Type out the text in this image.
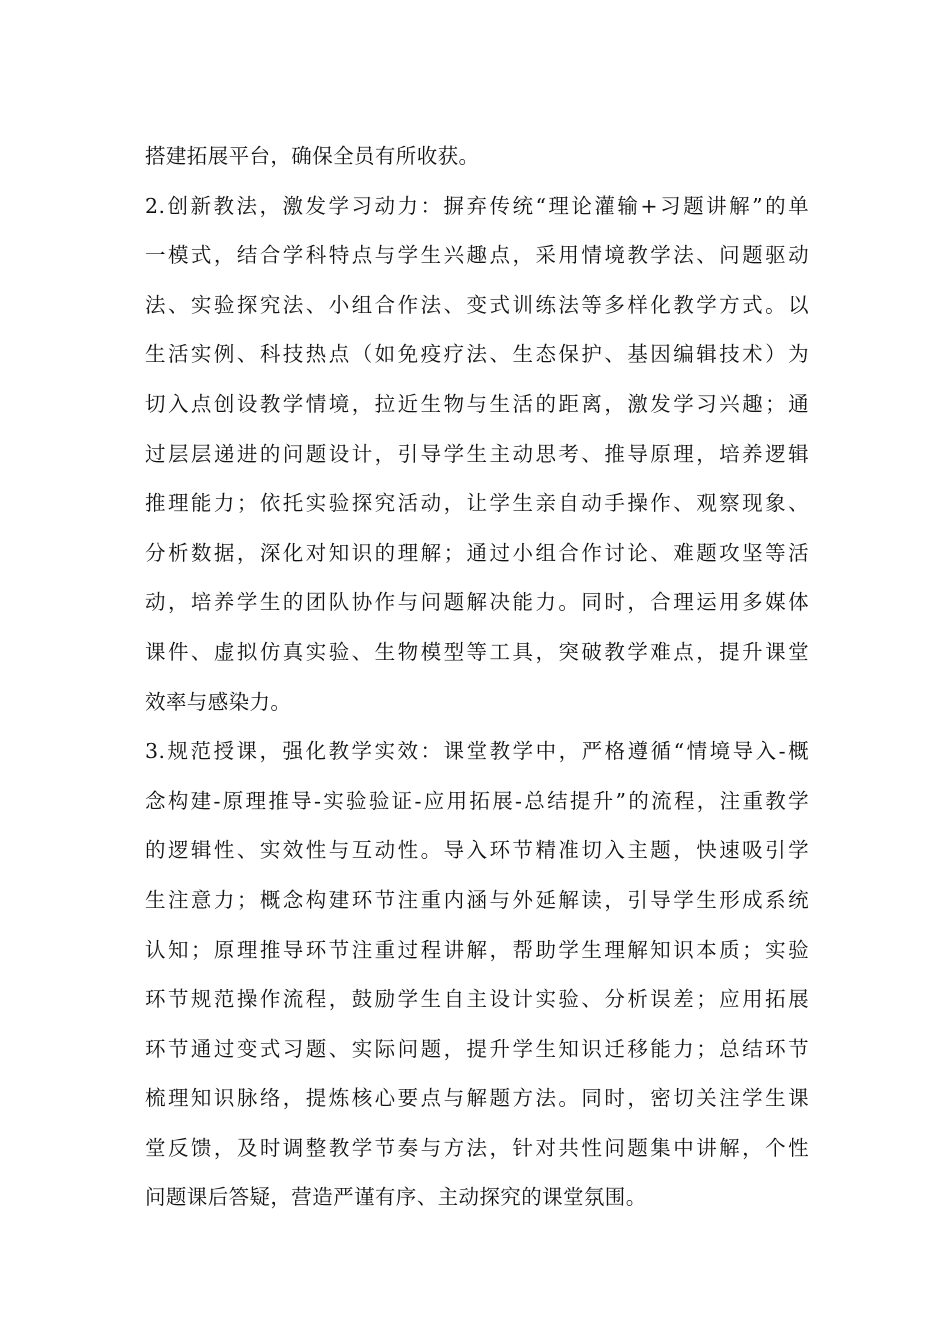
搭建拓展平台，确保全员有所收获。

2.创新教法，激发学习动力：摒弃传统“理论灌输+习题讲解”的单
一模式，结合学科特点与学生兴趣点，采用情境教学法、问题驱动
法、实验探究法、小组合作法、变式训练法等多样化教学方式。以
生活实例、科技热点（如免疫疗法、生态保护、基因编辑技术）为
切入点创设教学情境，拉近生物与生活的距离，激发学习兴趣；通
过层层递进的问题设计，引导学生主动思考、推导原理，培养逻辑
推理能力；依托实验探究活动，让学生亲自动手操作、观察现象、
分析数据，深化对知识的理解；通过小组合作讨论、难题攻坚等活
动，培养学生的团队协作与问题解决能力。同时，合理运用多媒体
课件、虚拟仿真实验、生物模型等工具，突破教学难点，提升课堂
效率与感染力。

3.规范授课，强化教学实效：课堂教学中，严格遵循“情境导入-概
念构建-原理推导-实验验证-应用拓展-总结提升”的流程，注重教学
的逻辑性、实效性与互动性。导入环节精准切入主题，快速吸引学
生注意力；概念构建环节注重内涵与外延解读，引导学生形成系统
认知；原理推导环节注重过程讲解，帮助学生理解知识本质；实验
环节规范操作流程，鼓励学生自主设计实验、分析误差；应用拓展
环节通过变式习题、实际问题，提升学生知识迁移能力；总结环节
梳理知识脉络，提炼核心要点与解题方法。同时，密切关注学生课
堂反馈，及时调整教学节奏与方法，针对共性问题集中讲解，个性
问题课后答疑，营造严谨有序、主动探究的课堂氛围。
